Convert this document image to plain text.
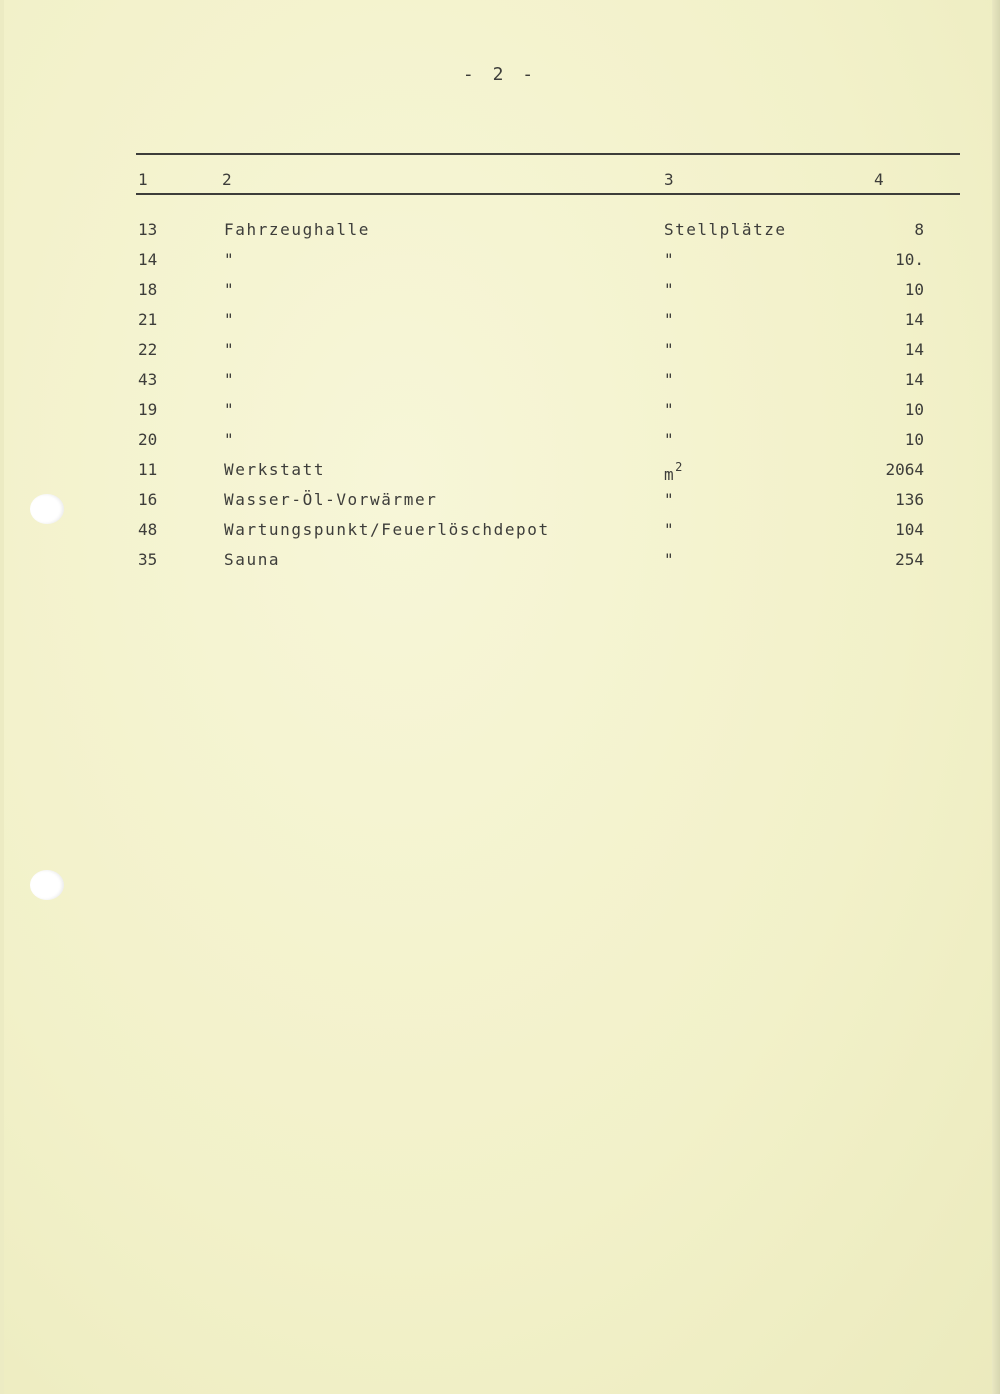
- 2 -
1	2	3	4
13	Fahrzeughalle	Stellplätze	8
14	"	"	10.
18	"	"	10
21	"	"	14
22	"	"	14
43	"	"	14
19	"	"	10
20	"	"	10
11	Werkstatt	$m^2$	2064
16	Wasser-Öl-Vorwärmer	"	136
48	Wartungspunkt/Feuerlöschdepot	"	104
35	Sauna	"	254
